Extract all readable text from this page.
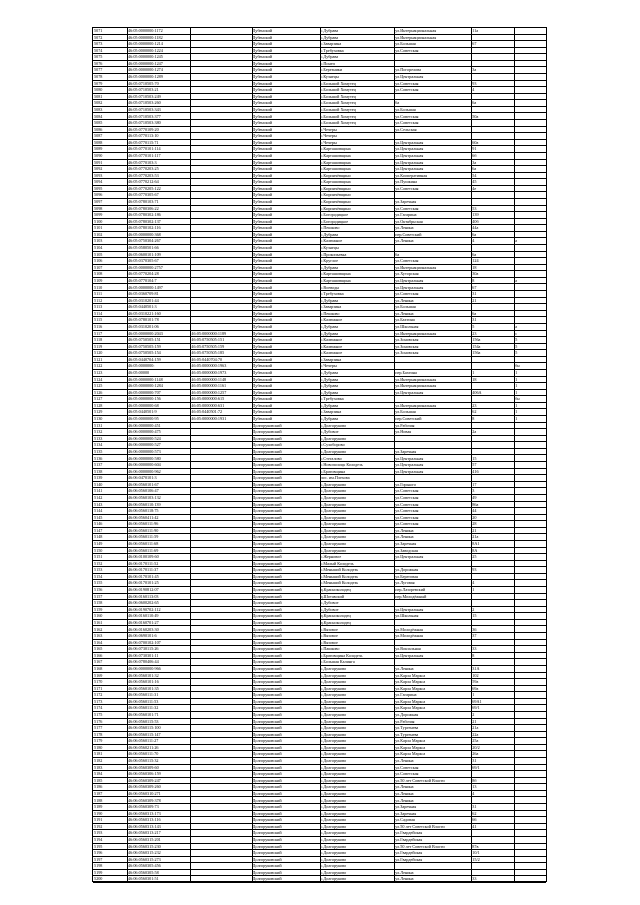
5071	46:05:0000000:1172	Дубенский	с.Дубрава	ул.Интернациональная	11а
5072	46:05:0000000:1182	Дубенский	с.Дубрава	ул.Интернациональная
5073	46:05:0000000:1214	Дубенский	с.Заварзина	ул.Большая	67
5074	46:05:0000000:1224	Дубенский	с.Требуховка	ул.Советская
5075	46:05:0000000:1245	Дубенский	с.Дубрава
5076	46:05:0000000:1247	Дубенский	с.Понеп
5077	46:05:0000000:1274	Дубенский	с.Березники	ул.Погорелова	3а
5078	46:05:0000000:1289	Дубенский	с.Кузнецы	ул.Центральная
5079	46:05:0710505:70	Дубенский	с.Большой Хомутец	ул.Советская	93
5080	46:05:0710503:21	Дубенский	с.Большой Хомутец	ул.Советская	4
5081	46:05:0710503:249	Дубенский	с.Большой Хомутец
5082	46:05:0710503:260	Дубенский	с.Большой Хомутец	6а	6а
5083	46:05:0710503:343	Дубенский	с.Большой Хомутец	ул.Большая
5084	46:05:0710503:377	Дубенский	с.Большой Хомутец	ул.Советская	50а
5085	46:05:0710503:380	Дубенский	с.Большой Хомутец	ул.Советская
5086	46:05:0770109:20	Дубенский	с.Чечеры	ул.Сельская
5087	46:05:0770113:10	Дубенский	с.Чечеры
5088	46:05:0770115:71	Дубенский	с.Чечеры	ул.Центральная	60а
5089	46:05:0770101:114	Дубенский	с.Карташовщина	ул.Центральная	91
5090	46:05:0770101:117	Дубенский	с.Карташовщина	ул.Центральная	6б
5091	46:05:0770103:3	Дубенский	с.Карташовщина	ул.Центральная	3а
5092	46:05:0770203:25	Дубенский	с.Карташовщина	ул.Центральная	6а
5093	46:05:0770203:53	Дубенский	с.Кирпичёвщино	ул.Кооперативная	54
5094	46:05:0770212:64	Дубенский	с.Карташовщина	ул.Пушкина	45
5095	46:05:0770205:122	Дубенский	с.Кирпичёвщино	ул.Советская	4е
5096	46:05:0770305:67	Дубенский	с.Кирпичёвщино
5097	46:05:0780103:71	Дубенский	с.Кирпичёвщино	ул.Заречная
5098	46:05:0780306:22	Дубенский	с.Кирпичёвщино	ул.Советская	53
5099	46:05:0780302:186	Дубенский	с.Богородицкое	ул.Гагарина	139
5100	46:05:0780302:137	Дубенский	с.Богородицкое	ул.Октябрьская	40б
5101	46:05:0780102:116	Дубенский	с.Пешково	ул.Ленина	44а
5102	46:05:0000000:368	Дубенский	с.Дубрава	пер.Советский	6а
5103	46:05:0750304:267	Дубенский	с.Калюжное	ул.Ленина	4	а
5104	46:05:0580501:66	Дубенский	с.Кузнецы
5105	46:05:0600101:109	Дубенский	с.Прокопьевка	6а	6а
5106	46:05:0370305:67	Дубенский	с.Круглое	ул.Советская	124
5107	46:05:0000000:2757	Дубенский	с.Дубрава	ул.Интернациональная	18
5108	46:05:0770204:28	Дубенский	с.Карташовщина	ул.Хуторская	30а
5109	46:05:0770104:7	Дубенский	с.Карташовщина	ул.Центральная	8	а
5110	46:05:0000000:1497	Дубенский	с.Воеводы	ул.Центральная	67
5111	46:05:0360709:81	Дубенский	с.Требуховка	ул.Советская	31
5112	46:05:0310201:44	Дубенский	с.Дубрава	ул.Ленина	21
5113	46:05:0440501:3	Дубенский	с.Заварзина	ул.Большая
5114	46:05:0310221:160	Дубенский	с.Пешково	ул.Ленина	6а
5115	46:05:0780101:78	Дубенский	с.Калюжное	ул.Бахтина	31
5116	46:05:0310201:06	Дубенский	с.Дубрава	ул.Школьная	5	а
5117	46:05:0000000:2043	46:05:0000000:1189	Дубенский	с.Дубрава	ул.Интернациональная	23	с
5118	46:05:0750505:151	46:05:0750505:151	Дубенский	с.Калюжное	ул.Зоновская	156а	5
5119	46:05:0750505:159	46:05:0750505:159	Дубенский	с.Калюжное	ул.Зоновская	154а	5
5120	46:05:0750505:154	46:05:0750505:185	Дубенский	с.Калюжное	ул.Зоновская	156а	5
5121	46:05:0440704:159	46:05:0440704:70	Дубенский	с.Заварзина
5122	46:05:0000000:	46:05:0000000:1963	Дубенский	с.Чечеры	бн
5123	46:05:00000	46:05:0000000:1973	Дубенский	с.Дубрава	пер.Бахтина	1	1
5124	46:05:0000000:1148	46:05:0000000:1148	Дубенский	с.Дубрава	ул.Интернациональная	18	1
5125	46:05:0000000:1284	46:05:0000000:1161	Дубенский	с.Дубрава	ул.Интернациональная	1
5126	46:05:0000000:707	46:05:0000000:1257	Дубенский	с.Дубрава	ул.Центральная	406А	1
5127	46:05:0000000:156	46:05:0000000:615	Дубенский	с.Требуховка	бн
5128	46:05:0000000:68	46:05:0000000:631	Дубенский	с.Дубрава	ул.Интернациональная	23	1
5129	46:05:0440501:9	46:05:0440501:72	Дубенский	с.Заварзина	ул.Большая	62	1
5130	46:05:0000000:95	46:05:0000000:1931	Дубенский	с.Дубрава	пер.Советский	8	1
5131	46:06:0000000:451	Долгоруковский	с.Долгоруково	ул.Рабочая
5132	46:06:0000000:475	Долгоруковский	с.Дубовое	ул.Новая	2а
5133	46:06:0000000:524	Долгоруковский	с.Долгоруково
5134	46:06:0000000:527	Долгоруковский	с.Сухоборово
5135	46:06:0000000:573	Долгоруковский	с.Долгоруково	ул.Заречная
5136	46:06:0000000:580	Долгоруковский	с.Стегалово	ул.Центральная	15
5137	46:06:0000000:604	Долгоруковский	с.Новополоцк Колодезь	ул.Центральная	57
5138	46:06:0000000:962	Долгоруковский	с.Братовщина	ул.Центральная	416
5139	46:06:0470101:3	Долгоруковский	пос. им.Плехова
5140	46:06:0560101:67	Долгоруковский	с.Долгоруково	ул.Горького	17
5141	46:06:0560106:47	Долгоруковский	с.Долгоруково	ул.Советская	3
5142	46:06:0560103:132	Долгоруковский	с.Долгоруково	ул.Советская	49
5143	46:06:0560110:139	Долгоруковский	с.Долгоруково	ул.Советская	86а
5144	46:06:0560118:75	Долгоруковский	с.Долгоруково	ул.Советская	44
5145	46:06:0560411:42	Долгоруковский	с.Долгоруково	ул.Советская	20
5146	46:06:0560111:96	Долгоруковский	с.Долгоруково	ул.Советская	28
5147	46:06:0560111:90	Долгоруковский	с.Долгоруково	ул.Ленина	21
5148	46:06:0560111:59	Долгоруковский	с.Долгоруково	ул.Ленина	21а
5149	46:06:0560111:68	Долгоруковский	с.Долгоруково	ул.Заречная	8А1
5150	46:06:0560111:69	Долгоруковский	с.Долгоруково	ул.Заводская	8А
5151	46:06:0100109:60	Долгоруковский	с.Жерновое	ул.Центральная	25
5152	46:06:0170111:52	Долгоруковский	с.Малый Колодезь
5153	46:06:0170111:37	Долгоруковский	с.Меньший Колодезь	ул.Дорожная	93
5154	46:06:0170101:45	Долгоруковский	с.Меньший Колодезь	ул.Береговая
5155	46:06:0170101:25	Долгоруковский	с.Меньший Колодезь	ул.Луговая	4
5156	46:06:0190812:07	Долгоруковский	д.Красноколодец	пер.Лазоревский	1
5157	46:06:0160113:03	Долгоруковский	д.Шотавский	пер.Молодёжный
5158	46:06:0600202:65	Долгоруковский	с.Дубовое
5159	46:06:0190702:112	Долгоруковский	с.Дубовое	ул.Центральная	2
5160	46:06:0160110:49	Долгоруковский	д.Красноколодец	ул.Школьная	15
5161	46:06:0160701:27	Долгоруковский	д.Красноколодец
5162	46:06:0160203:30	Долгоруковский	с.Вязовое	ул.Молодёжная	36
5163	46:06:0690101:6	Долгоруковский	с.Вязовое	ул.Молодёжная	37
5164	46:06:0700102:107	Долгоруковский	с.Вязовое
5165	46:06:0730115:26	Долгоруковский	с.Пашково	ул.Вокзальная	33
5166	46:06:0730301:11	Долгоруковский	с.Братовщина Колодезь	ул.Центральная	8
5167	46:06:0780406:44	Долгоруковский	с.Большая Калинга
5168	46:06:0000000:966	Долгоруковский	с.Долгоруково	ул.Ленина	31А
5169	46:06:0560101:32	Долгоруковский	с.Долгоруково	ул.Карла Маркса	102
5170	46:06:0560101:16	Долгоруковский	с.Долгоруково	ул.Карла Маркса	59а
5171	46:06:0560101:35	Долгоруковский	с.Долгоруково	ул.Карла Маркса	69а
5172	46:06:0560111:31	Долгоруковский	с.Долгоруково	ул.Гагарина	1
5173	46:06:0560111:53	Долгоруковский	с.Долгоруково	ул.Карла Маркса	69А1
5174	46:06:0560111:32	Долгоруковский	с.Долгоруково	ул.Карла Маркса	69/1
5175	46:06:0560101:71	Долгоруковский	с.Долгоруково	ул.Дорожная	2
5176	46:06:0560115:53	Долгоруковский	с.Долгоруково	ул.Рабочая	21
5177	46:06:0560115:100	Долгоруковский	с.Долгоруково	ул.Тургенева	21а
5178	46:06:0560115:147	Долгоруковский	с.Долгоруково	ул.Тургенева	22а
5179	46:06:0560111:27	Долгоруковский	с.Долгоруково	ул.Карла Маркса	25а
5180	46:06:0560211:26	Долгоруковский	с.Долгоруково	ул.Карла Маркса	20/2
5181	46:06:0560111:70	Долгоруковский	с.Долгоруково	ул.Карла Маркса	26а
5182	46:06:0560115:32	Долгоруковский	с.Долгоруково	ул.Ленина	31
5183	46:06:0560309:60	Долгоруковский	с.Долгоруково	ул.Советская	69/1
5184	46:06:0560306:159	Долгоруковский	с.Долгоруково	ул.Советская
5185	46:06:0560309:247	Долгоруковский	с.Долгоруково	ул.50 лет Советской Власти	8б
5186	46:06:0560309:260	Долгоруковский	с.Долгоруково	ул.Ленина	13
5187	46:06:0560310:271	Долгоруковский	с.Долгоруково	ул.Ленина	4
5188	46:06:0560309:378	Долгоруковский	с.Долгоруково	ул.Ленина
5189	46:06:0560309:73	Долгоруковский	с.Долгоруково	ул.Заречная	31
5190	46:06:0560313:173	Долгоруковский	с.Долгоруково	ул.Заречная	62
5191	46:06:0560313:116	Долгоруковский	с.Долгоруково	ул.Садовая	66
5192	46:06:0560313:143	Долгоруковский	с.Долгоруково	ул.50 лет Советской Власти	41
5193	46:06:0560313:217	Долгоруковский	с.Долгоруково	ул.Гвардейская
5194	46:06:0560315:201	Долгоруковский	с.Долгоруково	ул.Гвардейская
5195	46:06:0560315:230	Долгоруковский	с.Долгоруково	ул.50 лет Советской Власти	87в
5196	46:06:0560315:232	Долгоруковский	с.Долгоруково	ул.Гвардейская	10/1
5197	46:06:0560315:273	Долгоруковский	с.Долгоруково	ул.Гвардейская	15/2
5198	46:06:0560305:456	Долгоруковский	с.Долгоруково
5199	46:06:0560305:58	Долгоруковский	с.Долгоруково	ул.Ленина
5200	46:06:0560301:51	Долгоруковский	с.Долгоруково	ул.Ленина	33
